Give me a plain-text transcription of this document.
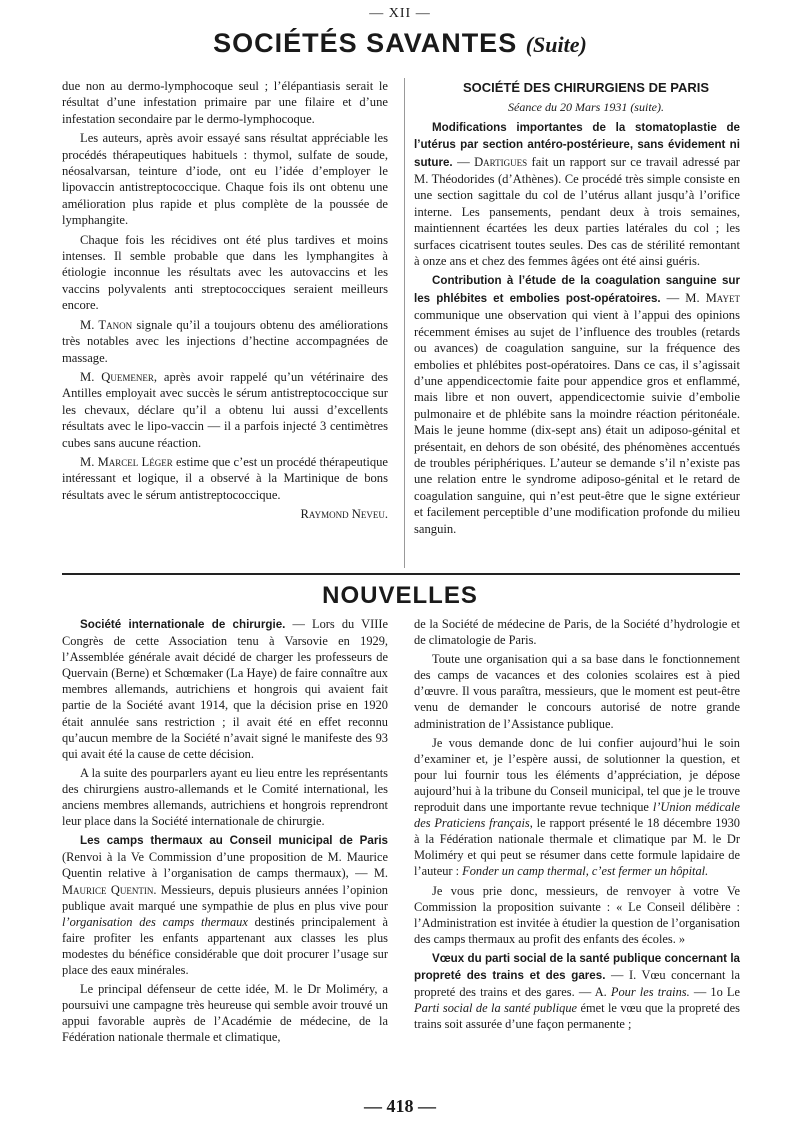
— XII —
SOCIÉTÉS SAVANTES (Suite)

due non au dermo-lymphocoque seul ; l’élépantiasis serait le résultat d’une infestation primaire par une filaire et d’une infestation secondaire par le dermo-lymphocoque.

Les auteurs, après avoir essayé sans résultat appréciable les procédés thérapeutiques habituels : thymol, sulfate de soude, néosalvarsan, teinture d’iode, ont eu l’idée d’employer le lipovaccin antistreptococcique. Chaque fois ils ont obtenu une amélioration plus rapide et plus complète de la poussée de lymphangite.

Chaque fois les récidives ont été plus tardives et moins intenses. Il semble probable que dans les lymphangites à étiologie inconnue les résultats avec les autovaccins et les vaccins polyvalents anti streptococciques seraient meilleurs encore.

M. Tanon signale qu’il a toujours obtenu des améliorations très notables avec les injections d’hectine accompagnées de massage.

M. Quemener, après avoir rappelé qu’un vétérinaire des Antilles employait avec succès le sérum antistreptococcique sur les chevaux, déclare qu’il a obtenu lui aussi d’excellents résultats avec le lipo-vaccin — il a parfois injecté 3 centimètres cubes sans aucune réaction.

M. Marcel Léger estime que c’est un procédé thérapeutique intéressant et logique, il a observé à la Martinique de bons résultats avec le sérum antistreptococcique.

Raymond Neveu.

SOCIÉTÉ DES CHIRURGIENS DE PARIS

Séance du 20 Mars 1931 (suite).

Modifications importantes de la stomatoplastie de l’utérus par section antéro-postérieure, sans évidement ni suture. — Dartigues fait un rapport sur ce travail adressé par M. Théodorides (d’Athènes). Ce procédé très simple consiste en une section sagittale du col de l’utérus allant jusqu’à l’orifice interne. Les pansements, pendant deux à trois semaines, maintiennent écartées les deux parties latérales du col ; les surfaces cicatrisent toutes seules. Des cas de stérilité remontant à onze ans et chez des femmes âgées ont été ainsi guéris.

Contribution à l’étude de la coagulation sanguine sur les phlébites et embolies post-opératoires. — M. Mayet communique une observation qui vient à l’appui des opinions récemment émises au sujet de l’influence des troubles (retards ou avances) de coagulation sanguine, sur la fréquence des embolies et phlébites post-opératoires. Dans ce cas, il s’agissait d’une appendicectomie faite pour appendice gros et enflammé, mais libre et non ouvert, appendicectomie suivie d’embolie pulmonaire et de phlébite sans la moindre réaction péritonéale. Mais le jeune homme (dix-sept ans) était un adiposo-génital et présentait, en dehors de son obésité, des phénomènes accentués de troubles périphériques. L’auteur se demande s’il n’existe pas une relation entre le syndrome adiposo-génital et le retard de coagulation sanguine, qui n’est peut-être que le signe extérieur et facilement perceptible d’une modification profonde du milieu sanguin.

NOUVELLES

Société internationale de chirurgie. — Lors du VIIIe Congrès de cette Association tenu à Varsovie en 1929, l’Assemblée générale avait décidé de charger les professeurs de Quervain (Berne) et Schœmaker (La Haye) de faire connaître aux membres allemands, autrichiens et hongrois qui avaient fait partie de la Société avant 1914, que la décision prise en 1920 était annulée sans restriction ; il avait été en effet reconnu qu’aucun membre de la Société n’avait signé le manifeste des 93 qui avait été la cause de cette décision.

A la suite des pourparlers ayant eu lieu entre les représentants des chirurgiens austro-allemands et le Comité international, les anciens membres allemands, autrichiens et hongrois reprendront leur place dans la Société internationale de chirurgie.

Les camps thermaux au Conseil municipal de Paris (Renvoi à la Ve Commission d’une proposition de M. Maurice Quentin relative à l’organisation de camps thermaux), — M. Maurice Quentin. Messieurs, depuis plusieurs années l’opinion publique avait marqué une sympathie de plus en plus vive pour l’organisation des camps thermaux destinés principalement à faire profiter les enfants appartenant aux classes les plus modestes du bénéfice considérable que doit procurer l’usage sur place des eaux minérales.

Le principal défenseur de cette idée, M. le Dr Moliméry, a poursuivi une campagne très heureuse qui semble avoir trouvé un appui favorable auprès de l’Académie de médecine, de la Fédération nationale thermale et climatique,

de la Société de médecine de Paris, de la Société d’hydrologie et de climatologie de Paris.

Toute une organisation qui a sa base dans le fonctionnement des camps de vacances et des colonies scolaires est à pied d’œuvre. Il vous paraîtra, messieurs, que le moment est peut-être venu de demander le concours autorisé de notre grande administration de l’Assistance publique.

Je vous demande donc de lui confier aujourd’hui le soin d’examiner et, je l’espère aussi, de solutionner la question, et pour lui fournir tous les éléments d’appréciation, je dépose aujourd’hui à la tribune du Conseil municipal, tel que je le trouve reproduit dans une importante revue technique l’Union médicale des Praticiens français, le rapport présenté le 18 décembre 1930 à la Fédération nationale thermale et climatique par M. le Dr Moliméry et qui peut se résumer dans cette formule lapidaire de l’auteur : Fonder un camp thermal, c’est fermer un hôpital.

Je vous prie donc, messieurs, de renvoyer à votre Ve Commission la proposition suivante : « Le Conseil délibère : l’Administration est invitée à étudier la question de l’organisation des camps thermaux au profit des enfants des écoles. »

Vœux du parti social de la santé publique concernant la propreté des trains et des gares. — I. Vœu concernant la propreté des trains et des gares. — A. Pour les trains. — 1o Le Parti social de la santé publique émet le vœu que la propreté des trains soit assurée d’une façon permanente ;

— 418 —
